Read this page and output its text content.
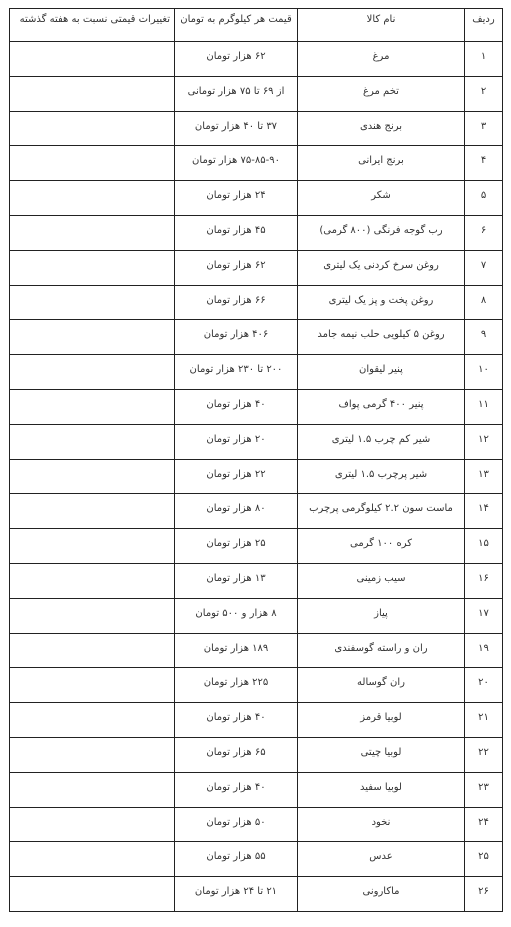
ردیف	نام کالا	قیمت هر کیلوگرم به تومان	تغییرات قیمتی نسبت به هفته گذشته
۱	مرغ	۶۲ هزار تومان	
۲	تخم مرغ	از ۶۹ تا ۷۵ هزار تومانی	
۳	برنج هندی	۳۷ تا ۴۰ هزار تومان	
۴	برنج ایرانی	۷۵-۸۵-۹۰ هزار تومان	
۵	شکر	۲۴ هزار تومان	
۶	رب گوجه فرنگی (۸۰۰ گرمی)	۴۵ هزار تومان	
۷	روغن سرخ کردنی یک لیتری	۶۲ هزار تومان	
۸	روغن پخت و پز یک لیتری	۶۶ هزار تومان	
۹	روغن ۵ کیلویی حلب نیمه جامد	۴۰۶ هزار تومان	
۱۰	پنیر لیقوان	۲۰۰ تا ۲۳۰ هزار تومان	
۱۱	پنیر ۴۰۰ گرمی پواف	۴۰ هزار تومان	
۱۲	شیر کم چرب ۱.۵ لیتری	۲۰ هزار تومان	
۱۳	شیر پرچرب ۱.۵ لیتری	۲۲ هزار تومان	
۱۴	ماست سون ۲.۲ کیلوگرمی پرچرب	۸۰ هزار تومان	
۱۵	کره ۱۰۰ گرمی	۲۵ هزار تومان	
۱۶	سیب زمینی	۱۳ هزار تومان	
۱۷	پیاز	۸ هزار و ۵۰۰ تومان	
۱۹	ران و راسته گوسفندی	۱۸۹ هزار تومان	
۲۰	ران گوساله	۲۲۵ هزار تومان	
۲۱	لوبیا قرمز	۴۰ هزار تومان	
۲۲	لوبیا چیتی	۶۵ هزار تومان	
۲۳	لوبیا سفید	۴۰ هزار تومان	
۲۴	نخود	۵۰ هزار تومان	
۲۵	عدس	۵۵ هزار تومان	
۲۶	ماکارونی	۲۱ تا ۲۴ هزار تومان	
